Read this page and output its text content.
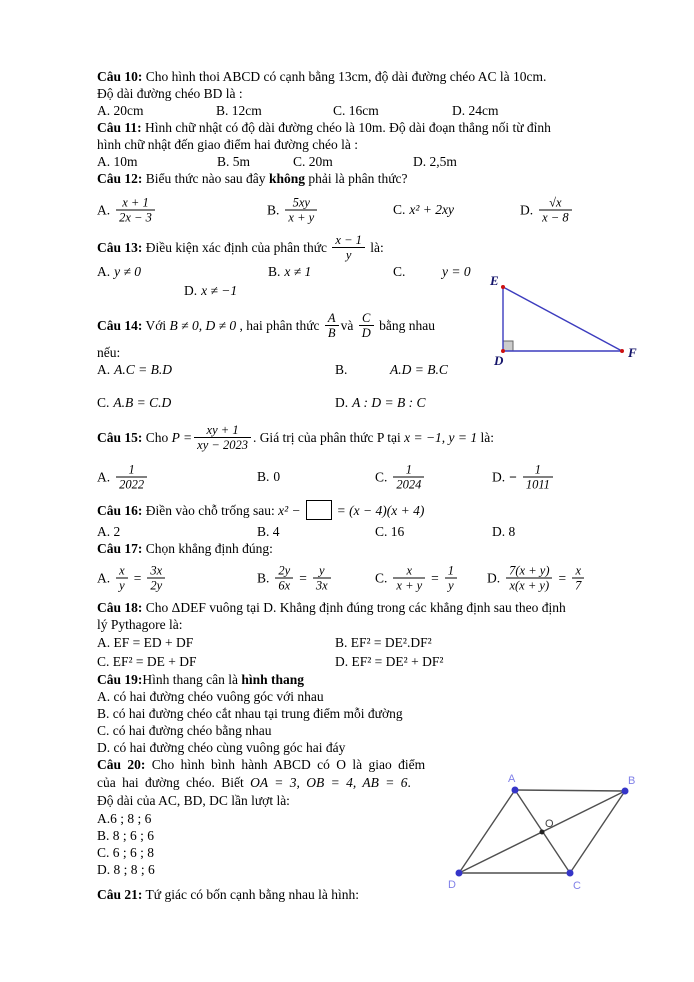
Câu 10: Cho hình thoi ABCD có cạnh bằng 13cm, độ dài đường chéo AC là 10cm.
Độ dài đường chéo BD là :
A. 20cm	B. 12cm	C. 16cm	D. 24cm
Câu 11: Hình chữ nhật có độ dài đường chéo là 10m. Độ dài đoạn thẳng nối từ đỉnh
hình chữ nhật đến giao điểm hai đường chéo là :
A. 10m	B. 5m	C. 20m	D. 2,5m
Câu 12: Biểu thức nào sau đây không phải là phân thức?
A. x + 1
2x − 3
B.	5xy
x + y
C. x² + 2xy	D.	√x
x − 8
Câu 13: Điều kiện xác định của phân thức x − 1
y	là:
A. y ≠ 0	B. x ≠ 1	C.	y = 0
D. x ≠ −1
Câu 14: Với B ≠ 0, D ≠ 0 , hai phân thức A
B và C
D bằng nhau
nếu:
A. A.C = B.D	B.	A.D = B.C
C. A.B = C.D	D. A : D = B : C
Câu 15: Cho $P = \frac{xy + 1}{xy - 2023}$ . Giá trị của phân thức P tại x = −1, y = 1 là:
A.	1
2022
B. 0	C.	1
2024
D. − $\frac{1}{1011}$
Câu 16: Điền vào chỗ trống sau: x² −	= (x − 4)(x + 4)
A. 2	B. 4	C. 16	D. 8
Câu 17: Chọn khẳng định đúng:
A. $\frac{x}{y} = \frac{3x}{2y}$	B. $\frac{2y}{6x} = \frac{y}{3x}$	C. $\frac{x}{x + y} = \frac{1}{y} D$. $\frac{7(x + y)}{x(x + y)} = \frac{x}{7}$
Câu 18: Cho ΔDEF vuông tại D. Khẳng định đúng trong các khẳng định sau theo định
lý Pythagore là:
A. EF = ED + DF	B. EF² = DE².DF²
C. EF² = DE + DF	D. EF² = DE² + DF²
Câu 19:Hình thang cân là hình thang
A. có hai đường chéo vuông góc với nhau
B. có hai đường chéo cắt nhau tại trung điểm mỗi đường
C. có hai đường chéo bằng nhau
D. có hai đường chéo cùng vuông góc hai đáy
Câu 20: Cho hình bình hành ABCD có O là giao điểm
của hai đường chéo. Biết OA = 3, OB = 4, AB = 6.
Độ dài của AC, BD, DC lần lượt là:
A.6 ; 8 ; 6
B. 8 ; 6 ; 6
C. 6 ; 6 ; 8
D. 8 ; 8 ; 6
Câu 21: Tứ giác có bốn cạnh bằng nhau là hình:
E
D
F
A	B
C
D
O
